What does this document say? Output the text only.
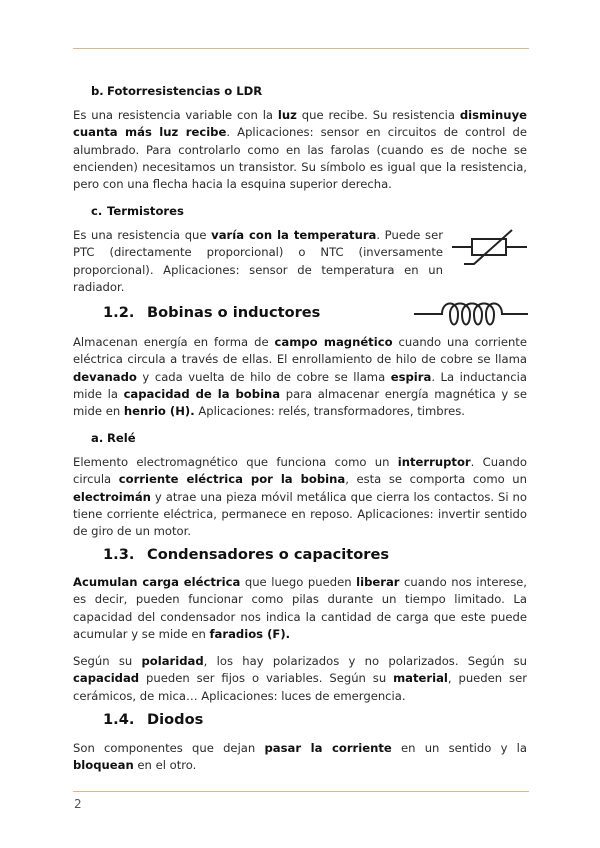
b. Fotorresistencias o LDR

Es una resistencia variable con la luz que recibe. Su resistencia disminuye cuanta más luz recibe. Aplicaciones: sensor en circuitos de control de alumbrado. Para controlarlo como en las farolas (cuando es de noche se encienden) necesitamos un transistor. Su símbolo es igual que la resistencia, pero con una flecha hacia la esquina superior derecha.

c. Termistores

Es una resistencia que varía con la temperatura. Puede ser PTC (directamente proporcional) o NTC (inversamente proporcional). Aplicaciones: sensor de temperatura en un radiador.

1.2. Bobinas o inductores

Almacenan energía en forma de campo magnético cuando una corriente eléctrica circula a través de ellas. El enrollamiento de hilo de cobre se llama devanado y cada vuelta de hilo de cobre se llama espira. La inductancia mide la capacidad de la bobina para almacenar energía magnética y se mide en henrio (H). Aplicaciones: relés, transformadores, timbres.

a. Relé

Elemento electromagnético que funciona como un interruptor. Cuando circula corriente eléctrica por la bobina, esta se comporta como un electroimán y atrae una pieza móvil metálica que cierra los contactos. Si no tiene corriente eléctrica, permanece en reposo. Aplicaciones: invertir sentido de giro de un motor.

1.3. Condensadores o capacitores

Acumulan carga eléctrica que luego pueden liberar cuando nos interese, es decir, pueden funcionar como pilas durante un tiempo limitado. La capacidad del condensador nos indica la cantidad de carga que este puede acumular y se mide en faradios (F).

Según su polaridad, los hay polarizados y no polarizados. Según su capacidad pueden ser fijos o variables. Según su material, pueden ser cerámicos, de mica… Aplicaciones: luces de emergencia.

1.4. Diodos

Son componentes que dejan pasar la corriente en un sentido y la bloquean en el otro.

2
